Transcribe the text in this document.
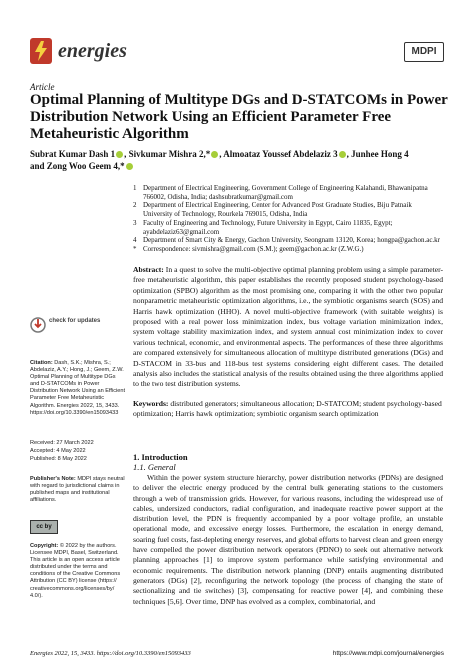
energies	MDPI
Article
Optimal Planning of Multitype DGs and D-STATCOMs in Power Distribution Network Using an Efficient Parameter Free Metaheuristic Algorithm
Subrat Kumar Dash 1 , Sivkumar Mishra 2,* , Almoataz Youssef Abdelaziz 3 , Junhee Hong 4
and Zong Woo Geem 4,*
1 Department of Electrical Engineering, Government College of Engineering Kalahandi, Bhawanipatna 766002, Odisha, India; dashsubratkumar@gmail.com
2 Department of Electrical Engineering, Center for Advanced Post Graduate Studies, Biju Patnaik University of Technology, Rourkela 769015, Odisha, India
3 Faculty of Engineering and Technology, Future University in Egypt, Cairo 11835, Egypt; ayabdelaziz63@gmail.com
4 Department of Smart City & Energy, Gachon University, Seongnam 13120, Korea; hongpa@gachon.ac.kr
* Correspondence: sivmishra@gmail.com (S.M.); geem@gachon.ac.kr (Z.W.G.)
Abstract: In a quest to solve the multi-objective optimal planning problem using a simple parameter-free metaheuristic algorithm, this paper establishes the recently proposed student psychology-based optimization (SPBO) algorithm as the most promising one, comparing it with the other two popular nonparametric metaheuristic optimization algorithms, i.e., the symbiotic organisms search (SOS) and Harris hawk optimization (HHO). A novel multi-objective framework (with suitable weights) is proposed with a real power loss minimization index, bus voltage variation minimization index, system voltage stability maximization index, and system annual cost minimization index to cover various technical, economic, and environmental aspects. The performances of these three algorithms are compared extensively for simultaneous allocation of multitype distributed generations (DGs) and D-STACOM in 33-bus and 118-bus test systems considering eight different cases. The detailed analysis also includes the statistical analysis of the results obtained using the three algorithms applied to the two test distribution systems.
Keywords: distributed generators; simultaneous allocation; D-STATCOM; student psychology-based optimization; Harris hawk optimization; symbiotic organism search optimization
check for updates
Citation: Dash, S.K.; Mishra, S.; Abdelaziz, A.Y.; Hong, J.; Geem, Z.W. Optimal Planning of Multitype DGs and D-STATCOMs in Power Distribution Network Using an Efficient Parameter Free Metaheuristic Algorithm. Energies 2022, 15, 3433. https://doi.org/10.3390/en15093433
Received: 27 March 2022
Accepted: 4 May 2022
Published: 8 May 2022
Publisher's Note: MDPI stays neutral with regard to jurisdictional claims in published maps and institutional affiliations.
cc by
Copyright: © 2022 by the authors. Licensee MDPI, Basel, Switzerland. This article is an open access article distributed under the terms and conditions of the Creative Commons Attribution (CC BY) license (https:// creativecommons.org/licenses/by/ 4.0/).
1. Introduction
1.1. General

Within the power system structure hierarchy, power distribution networks (PDNs) are designed to deliver the electric energy produced by the central bulk generating stations to the customers through a web of transmission grids. However, for various reasons, including the widespread use of cables, undersized conductors, radial configuration, and inadequate reactive power support at the distribution level, the PDN is frequently accompanied by a poor voltage profile, an unstable operational mode, and excessive energy losses. Furthermore, the escalation in energy demand, soaring fuel costs, fast-depleting energy reserves, and global efforts to harvest clean and green energy have compelled the power distribution network operators (PDNO) to seek out alternative network planning approaches [1] to improve system performance while satisfying environmental and economic requirements. The distribution network planning (DNP) entails augmenting distributed generators (DGs) [2], reconfiguring the network topology (the process of changing the state of sectionalizing and tie switches) [3], compensating for reactive power [4], and combining these techniques [5,6]. Over time, DNP has evolved as a complex, combinatorial, and

Energies 2022, 15, 3433. https://doi.org/10.3390/en15093433	https://www.mdpi.com/journal/energies
